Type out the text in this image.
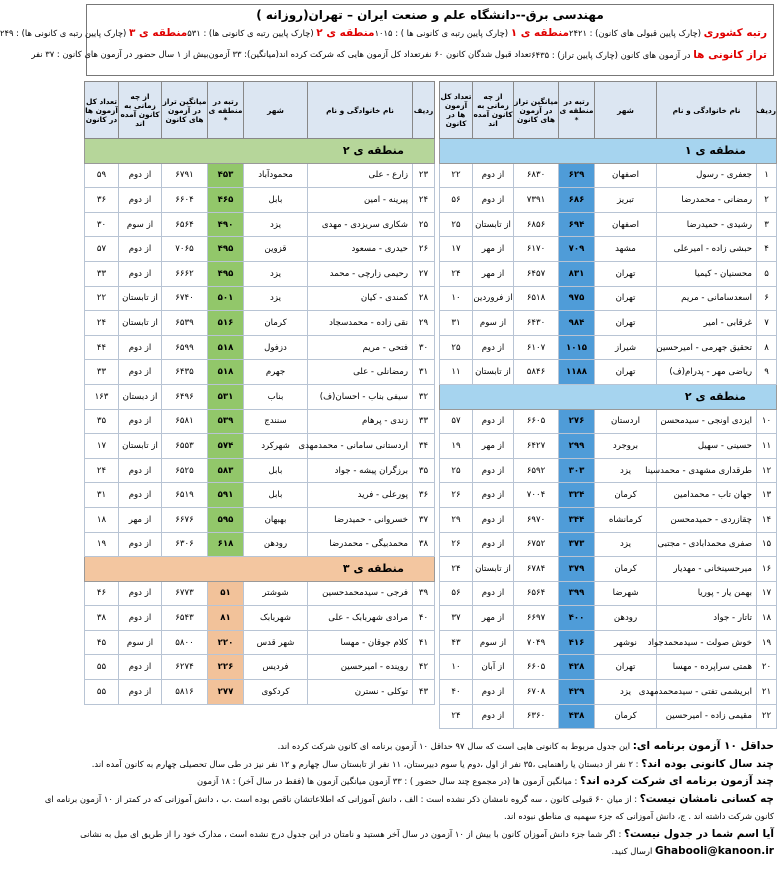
مهندسی برق--دانشگاه علم و صنعت ایران – تهران(روزانه )
رتبه کشوری (چارک پایین قبولی های کانون) : ۲۴۲۱
منطقه ی ۱ (چارک پایین رتبه ی کانونی ها ) : ۱۰۱۵
منطقه ی ۲ (چارک پایین رتبه ی کانونی ها) : ۵۳۱
منطقه ی ۳ (چارک پایین رتبه ی کانونی ها) : ۲۴۹
تراز کانونی ها در آزمون های کانون (چارک پایین تراز) : ۶۴۳۵
تعداد قبول شدگان کانون ۶۰ نفر
تعداد کل آزمون هایی که شرکت کرده اند(میانگین): ۳۳ آزمون
بیش از ۱ سال حضور در آزمون های کانون : ۳۷ نفر
ردیف	نام خانوادگی و نام	شهر	رتبه در منطقه ی *	میانگین تراز در آزمون های کانون	از چه زمانی به کانون آمده اند	تعداد کل آزمون ها در کانون
منطقه ی ۱						
۱	جعفری - رسول	اصفهان	۶۲۹	۶۸۳۰	از دوم	۲۲
۲	رمضانی - محمدرضا	تبریز	۶۸۶	۷۳۹۱	از دوم	۵۶
۳	رشیدی - حمیدرضا	اصفهان	۶۹۴	۶۸۵۶	از تابستان	۲۵
۴	حبشی زاده - امیرعلی	مشهد	۷۰۹	۶۱۷۰	از مهر	۱۷
۵	محسنیان - کیمیا	تهران	۸۳۱	۶۴۵۷	از مهر	۲۴
۶	اسعدسامانی - مریم	تهران	۹۷۵	۶۵۱۸	از فروردین	۱۰
۷	غرقابی - امیر	تهران	۹۸۴	۶۴۳۰	از سوم	۳۱
۸	تحقیق جهرمی - امیرحسین	شیراز	۱۰۱۵	۶۱۰۷	از دوم	۲۵
۹	ریاضی مهر - پدرام(ف)	تهران	۱۱۸۸	۵۸۴۶	از تابستان	۱۱
منطقه ی ۲						
۱۰	ایزدی اونجی - سیدمحسن	اردستان	۲۷۶	۶۶۰۵	از دوم	۵۷
۱۱	حسینی - سهیل	بروجرد	۲۹۹	۶۴۲۷	از مهر	۱۹
۱۲	طرقداری مشهدی - محمدسینا	یزد	۳۰۳	۶۵۹۲	از دوم	۲۵
۱۳	جهان تاب - محمدامین	کرمان	۳۲۴	۷۰۰۴	از دوم	۲۶
۱۴	چقازردی - حمیدمحسن	کرمانشاه	۳۴۴	۶۹۷۰	از دوم	۲۹
۱۵	صفری محمدابادی - مجتبی	یزد	۳۷۳	۶۷۵۲	از دوم	۲۶
۱۶	میرحسینخانی - مهدیار	کرمان	۳۷۹	۶۷۸۴	از تابستان	۲۴
۱۷	بهمن یار - پوریا	شهرضا	۳۹۹	۶۵۶۴	از دوم	۵۶
۱۸	تاتار - جواد	رودهن	۴۰۰	۶۶۹۷	از مهر	۳۷
۱۹	خوش صولت - سیدمحمدجواد	نوشهر	۴۱۶	۷۰۴۹	از سوم	۴۳
۲۰	همتی سراپرده - مهسا	تهران	۴۲۸	۶۶۰۵	از آبان	۱۰
۲۱	ابریشمی تفتی - سیدمحمدمهدی	یزد	۴۲۹	۶۷۰۸	از دوم	۴۰
۲۲	مقیمی زاده - امیرحسین	کرمان	۴۳۸	۶۳۶۰	از دوم	۲۴
ردیف	نام خانوادگی و نام	شهر	رتبه در منطقه ی *	میانگین تراز در آزمون های کانون	از چه زمانی به کانون آمده اند	تعداد کل آزمون ها در کانون
منطقه ی ۲						
۲۳	زارع - علی	محمودآباد	۴۵۳	۶۷۹۱	از دوم	۵۹
۲۴	پیرینه - امین	بابل	۴۶۵	۶۶۰۴	از دوم	۳۶
۲۵	شکاری سریزدی - مهدی	یزد	۴۹۰	۶۵۶۴	از سوم	۳۰
۲۶	حیدری - مسعود	قزوین	۴۹۵	۷۰۶۵	از دوم	۵۷
۲۷	رحیمی زارچی - محمد	یزد	۴۹۵	۶۶۶۲	از دوم	۳۳
۲۸	کمندی - کیان	یزد	۵۰۱	۶۷۴۰	از تابستان	۲۲
۲۹	نقی زاده - محمدسجاد	کرمان	۵۱۶	۶۵۳۹	از تابستان	۲۴
۳۰	فتحی - مریم	دزفول	۵۱۸	۶۵۹۹	از دوم	۴۴
۳۱	رمضانلی - علی	جهرم	۵۱۸	۶۴۳۵	از دوم	۳۳
۳۲	سیفی بناب - احسان(ف)	بناب	۵۳۱	۶۴۹۶	از دبستان	۱۶۳
۳۳	زندی - پرهام	سنندج	۵۳۹	۶۵۸۱	از دوم	۳۵
۳۴	اردستانی سامانی - محمدمهدی	شهرکرد	۵۷۴	۶۵۵۳	از تابستان	۱۷
۳۵	برزگران پیشه - جواد	بابل	۵۸۳	۶۵۲۵	از دوم	۲۴
۳۶	پورعلی - فرید	بابل	۵۹۱	۶۵۱۹	از دوم	۳۱
۳۷	خسروانی - حمیدرضا	بهبهان	۵۹۵	۶۶۷۶	از مهر	۱۸
۳۸	محمدبیگی - محمدرضا	رودهن	۶۱۸	۶۳۰۶	از دوم	۱۹
منطقه ی ۳						
۳۹	فرجی - سیدمحمدحسین	شوشتر	۵۱	۶۷۷۳	از دوم	۴۶
۴۰	مرادی شهربابک - علی	شهربابک	۸۱	۶۵۴۳	از دوم	۳۸
۴۱	کلام جوقان - مهسا	شهر قدس	۲۲۰	۵۸۰۰	از سوم	۴۵
۴۲	روینده - امیرحسین	فردیس	۲۲۶	۶۲۷۴	از دوم	۵۵
۴۳	توکلی - نسترن	کردکوی	۲۷۷	۵۸۱۶	از دوم	۵۵

حداقل ۱۰ آزمون برنامه ای: این جدول مربوط به کانونی هایی است که سال ۹۷ حداقل ۱۰ آزمون برنامه ای کانون شرکت کرده اند.

چند سال کانونی بوده اند؟ : ۲ نفر از دبستان یا راهنمایی ،۳۵ نفر از اول ،دوم یا سوم دبیرستان، ۱۱ نفر از تابستان سال چهارم و ۱۲ نفر نیز در طی سال تحصیلی چهارم به کانون آمده اند.

چند آزمون برنامه ای شرکت کرده اند؟ : میانگین آزمون ها (در مجموع چند سال حضور ) : ۳۳ آزمون میانگین آزمون ها (فقط در سال آخر) : ۱۸ آزمون

چه کسانی نامشان نیست؟ : از میان ۶۰ قبولی کانون ، سه گروه نامشان ذکر نشده است : الف ، دانش آموزانی که اطلاعاتشان ناقص بوده است .ب ، دانش آموزانی که در کمتر از ۱۰ آزمون برنامه ای

کانون شرکت داشته اند . ج، دانش آموزانی که جزء سهمیه ی مناطق نبوده اند.

آیا اسم شما در جدول نیست؟ : اگر شما جزء دانش آموزان کانون با بیش از ۱۰ آزمون در سال آخر هستید و نامتان در این جدول درج نشده است ، مدارک خود را از طریق ای میل به نشانی

Ghabooli@kanoon.ir ارسال کنید.
